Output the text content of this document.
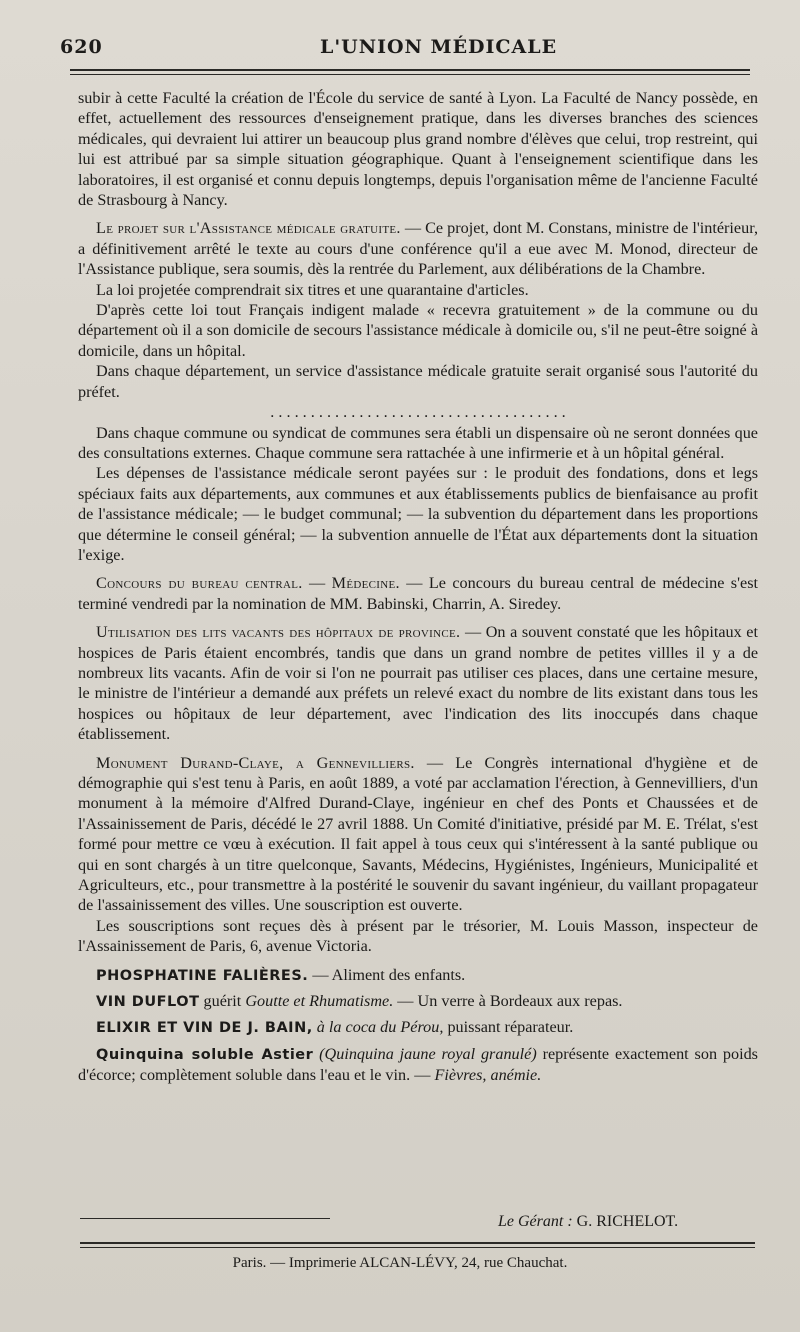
620	L'UNION MÉDICALE

subir à cette Faculté la création de l'École du service de santé à Lyon. La Faculté de Nancy possède, en effet, actuellement des ressources d'enseignement pratique, dans les diverses branches des sciences médicales, qui devraient lui attirer un beaucoup plus grand nombre d'élèves que celui, trop restreint, qui lui est attribué par sa simple situation géographique. Quant à l'enseignement scientifique dans les laboratoires, il est organisé et connu depuis longtemps, depuis l'organisation même de l'ancienne Faculté de Strasbourg à Nancy.

Le projet sur l'Assistance médicale gratuite. — Ce projet, dont M. Constans, ministre de l'intérieur, a définitivement arrêté le texte au cours d'une conférence qu'il a eue avec M. Monod, directeur de l'Assistance publique, sera soumis, dès la rentrée du Parlement, aux délibérations de la Chambre.

La loi projetée comprendrait six titres et une quarantaine d'articles.

D'après cette loi tout Français indigent malade « recevra gratuitement » de la commune ou du département où il a son domicile de secours l'assistance médicale à domicile ou, s'il ne peut-être soigné à domicile, dans un hôpital.

Dans chaque département, un service d'assistance médicale gratuite serait organisé sous l'autorité du préfet.

. . . . . . . . . . . . . . . . . . . . . . . . . . . . . . . . . . . . .

Dans chaque commune ou syndicat de communes sera établi un dispensaire où ne seront données que des consultations externes. Chaque commune sera rattachée à une infirmerie et à un hôpital général.

Les dépenses de l'assistance médicale seront payées sur : le produit des fondations, dons et legs spéciaux faits aux départements, aux communes et aux établissements publics de bienfaisance au profit de l'assistance médicale; — le budget communal; — la subvention du département dans les proportions que détermine le conseil général; — la subvention annuelle de l'État aux départements dont la situation l'exige.

Concours du bureau central. — Médecine. — Le concours du bureau central de médecine s'est terminé vendredi par la nomination de MM. Babinski, Charrin, A. Siredey.

Utilisation des lits vacants des hôpitaux de province. — On a souvent constaté que les hôpitaux et hospices de Paris étaient encombrés, tandis que dans un grand nombre de petites villles il y a de nombreux lits vacants. Afin de voir si l'on ne pourrait pas utiliser ces places, dans une certaine mesure, le ministre de l'intérieur a demandé aux préfets un relevé exact du nombre de lits existant dans tous les hospices ou hôpitaux de leur département, avec l'indication des lits inoccupés dans chaque établissement.

Monument Durand-Claye, a Gennevilliers. — Le Congrès international d'hygiène et de démographie qui s'est tenu à Paris, en août 1889, a voté par acclamation l'érection, à Gennevilliers, d'un monument à la mémoire d'Alfred Durand-Claye, ingénieur en chef des Ponts et Chaussées et de l'Assainissement de Paris, décédé le 27 avril 1888. Un Comité d'initiative, présidé par M. E. Trélat, s'est formé pour mettre ce vœu à exécution. Il fait appel à tous ceux qui s'intéressent à la santé publique ou qui en sont chargés à un titre quelconque, Savants, Médecins, Hygiénistes, Ingénieurs, Municipalité et Agriculteurs, etc., pour transmettre à la postérité le souvenir du savant ingénieur, du vaillant propagateur de l'assainissement des villes. Une souscription est ouverte.

Les souscriptions sont reçues dès à présent par le trésorier, M. Louis Masson, inspecteur de l'Assainissement de Paris, 6, avenue Victoria.

PHOSPHATINE FALIÈRES. — Aliment des enfants.

VIN DUFLOT guérit Goutte et Rhumatisme. — Un verre à Bordeaux aux repas.

ELIXIR ET VIN DE J. BAIN, à la coca du Pérou, puissant réparateur.

Quinquina soluble Astier (Quinquina jaune royal granulé) représente exactement son poids d'écorce; complètement soluble dans l'eau et le vin. — Fièvres, anémie.

Le Gérant : G. RICHELOT.
Paris. — Imprimerie ALCAN-LÉVY, 24, rue Chauchat.
